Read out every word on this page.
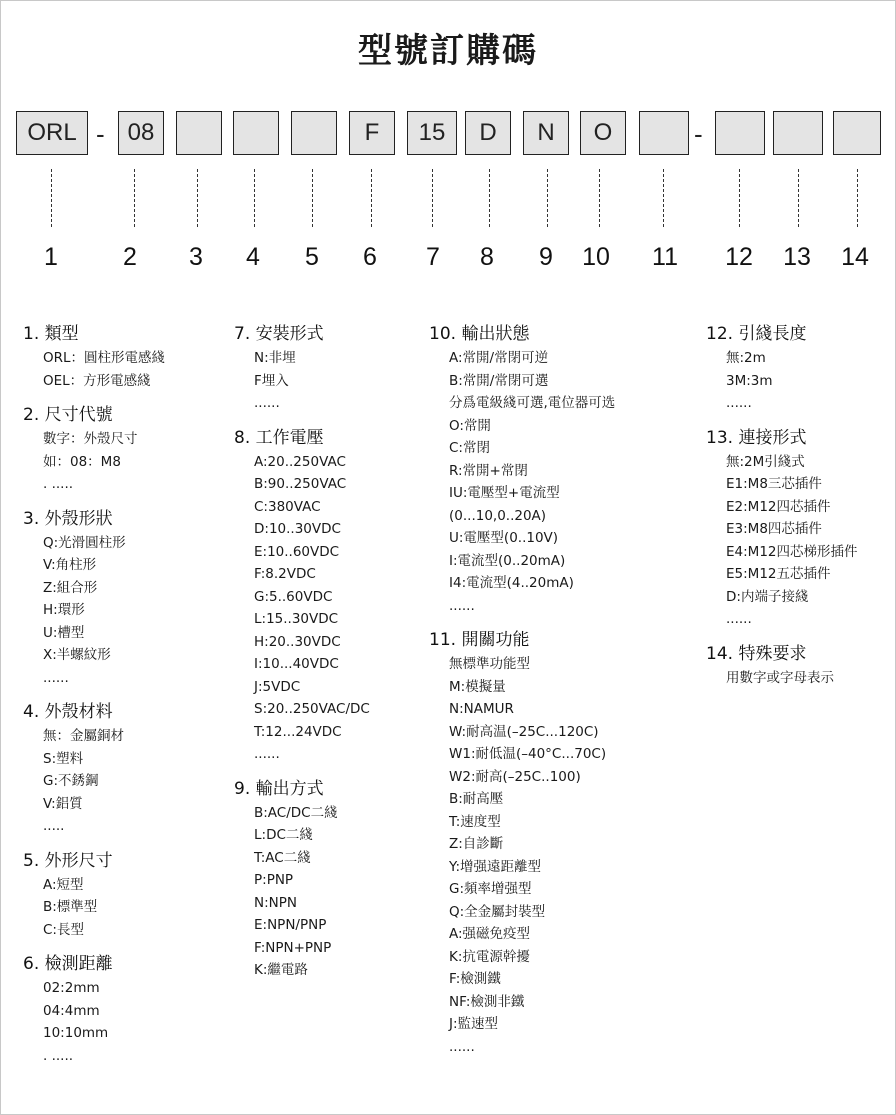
型號訂購碼
ORL	08	F	15	D	N	O
-	-
1	2	3	4	5	6	7	8	9	10 11 12 13 14
1. 類型
ORL：圓柱形電感綫
OEL：方形電感綫
2. 尺寸代號
數字：外殼尺寸
如：08：M8
. .....
3. 外殼形狀
Q:光滑圓柱形
V:角柱形
Z:組合形
H:環形
U:槽型
X:半螺紋形
......
4. 外殼材料
無：金屬銅材
S:塑料
G:不銹鋼
V:鋁質
.....
5. 外形尺寸
A:短型
B:標準型
C:長型
6. 檢測距離
02:2mm
04:4mm
10:10mm
. .....
7. 安裝形式
N:非埋
F埋入
......
8. 工作電壓
A:20..250VAC
B:90..250VAC
C:380VAC
D:10..30VDC
E:10..60VDC
F:8.2VDC
G:5..60VDC
L:15..30VDC
H:20..30VDC
I:10...40VDC
J:5VDC
S:20..250VAC/DC
T:12...24VDC
......
9. 輸出方式
B:AC/DC二綫
L:DC二綫
T:AC二綫
P:PNP
N:NPN
E:NPN/PNP
F:NPN+PNP
K:繼電路
10. 輸出狀態
A:常開/常閉可逆
B:常開/常閉可選
分爲電級綫可選,電位器可选
O:常開
C:常閉
R:常開+常閉
IU:電壓型+電流型
(0...10,0..20A)
U:電壓型(0..10V)
I:電流型(0..20mA)
I4:電流型(4..20mA)
......
11. 開關功能
無標準功能型
M:模擬量
N:NAMUR
W:耐高温(–25C...120C)
W1:耐低温(–40°C...70C)
W2:耐高(–25C..100)
B:耐高壓
T:速度型
Z:自診斷
Y:增强遠距離型
G:頻率增强型
Q:全金屬封裝型
A:强磁免疫型
K:抗電源幹擾
F:檢測鐵
NF:檢測非鐵
J:監速型
......
12. 引綫長度
無:2m
3M:3m
......
13. 連接形式
無:2M引綫式
E1:M8三芯插件
E2:M12四芯插件
E3:M8四芯插件
E4:M12四芯梯形插件
E5:M12五芯插件
D:内端子接綫
......
14. 特殊要求
用數字或字母表示
